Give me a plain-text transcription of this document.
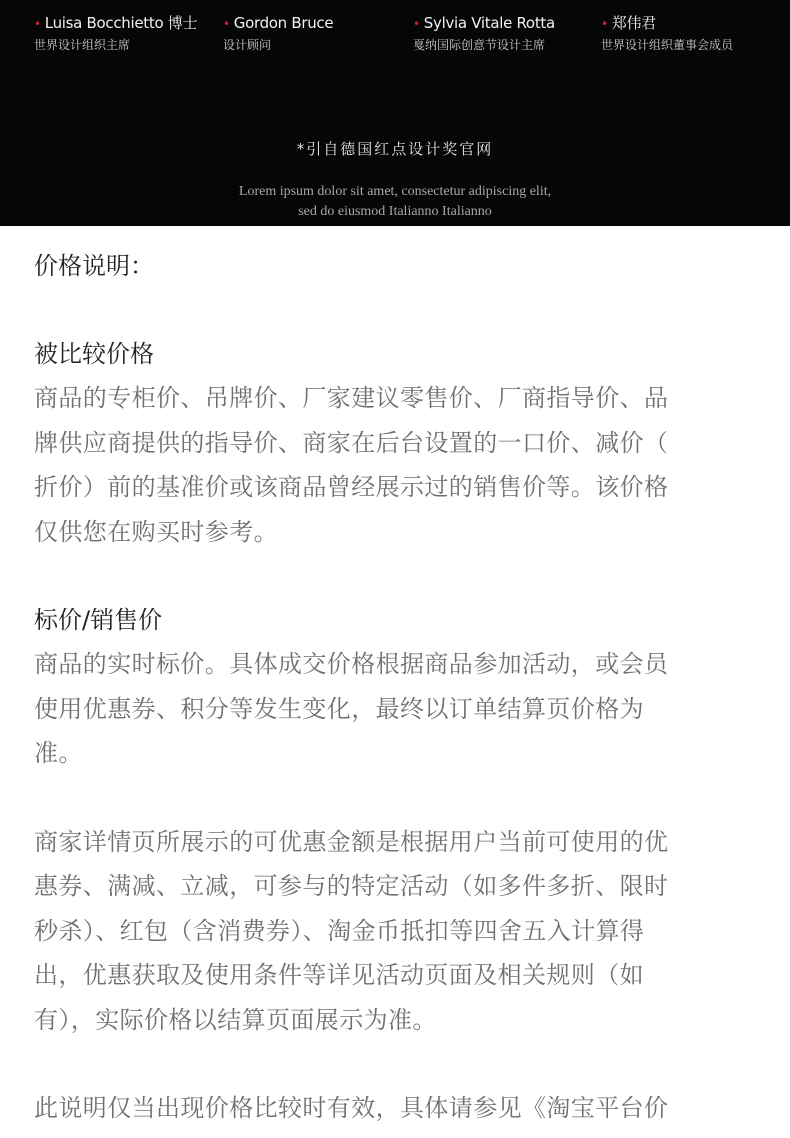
• Luisa Bocchietto 博士
世界设计组织主席
• Gordon Bruce
设计顾问
• Sylvia Vitale Rotta
戛纳国际创意节设计主席
• 郑伟君
世界设计组织董事会成员
*引自德国红点设计奖官网
Lorem ipsum dolor sit amet, consectetur adipiscing elit,
sed do eiusmod Italianno Italianno
价格说明：
被比较价格
商品的专柜价、吊牌价、厂家建议零售价、厂商指导价、品
牌供应商提供的指导价、商家在后台设置的一口价、减价（
折价）前的基准价或该商品曾经展示过的销售价等。该价格
仅供您在购买时参考。
标价/销售价
商品的实时标价。具体成交价格根据商品参加活动，或会员
使用优惠券、积分等发生变化，最终以订单结算页价格为
准。
商家详情页所展示的可优惠金额是根据用户当前可使用的优
惠券、满减、立减，可参与的特定活动（如多件多折、限时
秒杀）、红包（含消费券）、淘金币抵扣等四舍五入计算得
出，优惠获取及使用条件等详见活动页面及相关规则（如
有），实际价格以结算页面展示为准。
此说明仅当出现价格比较时有效，具体请参见《淘宝平台价
